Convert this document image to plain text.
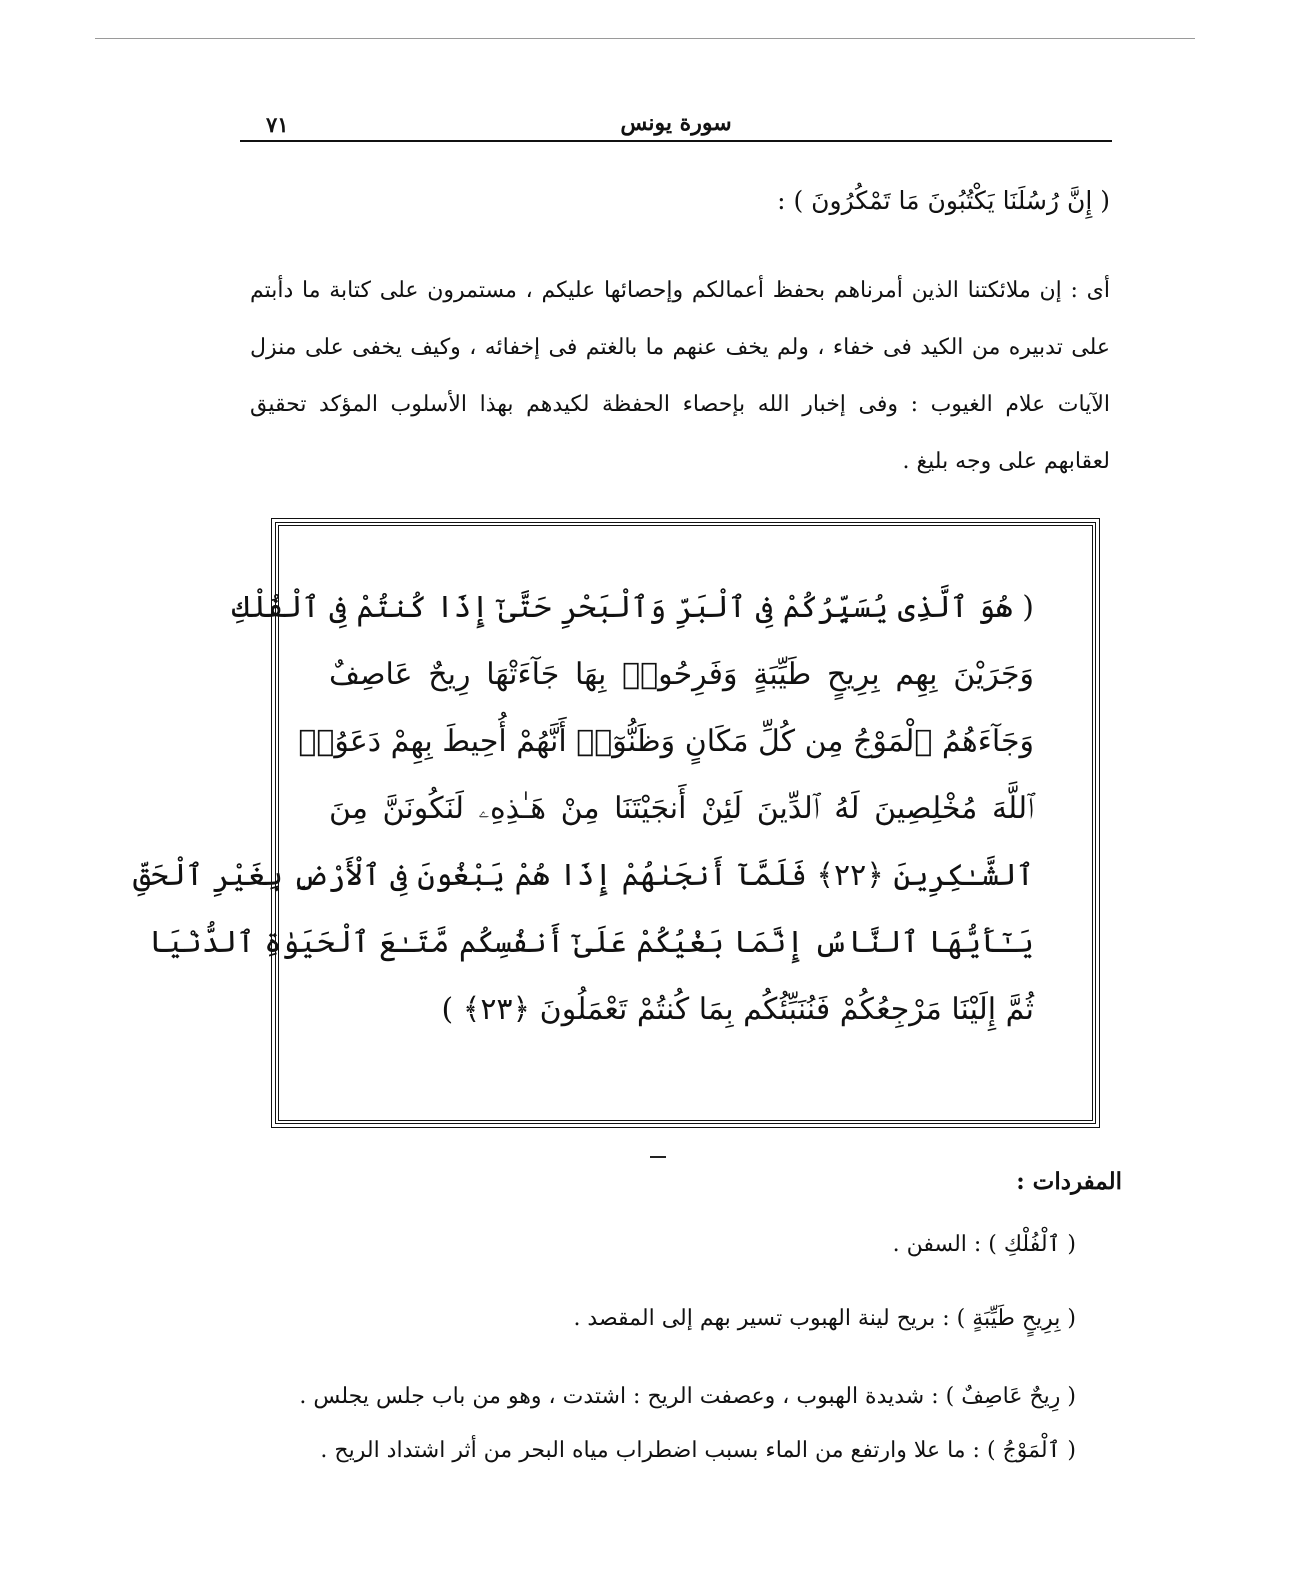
٧١	سورة يونس
( إِنَّ رُسُلَنَا يَكْتُبُونَ مَا تَمْكُرُونَ ) :
أى : إن ملائكتنا الذين أمرناهم بحفظ أعمالكم وإحصائها عليكم ، مستمرون على كتابة ما دأبتم على تدبيره من الكيد فى خفاء ، ولم يخف عنهم ما بالغتم فى إخفائه ، وكيف يخفى على منزل الآيات علام الغيوب : وفى إخبار الله بإحصاء الحفظة لكيدهم بهذا الأسلوب المؤكد تحقيق لعقابهم على وجه بليغ .
( هُوَ ٱلَّذِى يُسَيِّرُكُمْ فِى ٱلْبَرِّ وَٱلْبَحْرِ حَتَّىٰٓ إِذَا كُنتُمْ فِى ٱلْفُلْكِ
وَجَرَيْنَ بِهِم بِرِيحٍ طَيِّبَةٍ وَفَرِحُوا۟ بِهَا جَآءَتْهَا رِيحٌ عَاصِفٌ
وَجَآءَهُمُ ٱلْمَوْجُ مِن كُلِّ مَكَانٍ وَظَنُّوٓا۟ أَنَّهُمْ أُحِيطَ بِهِمْ دَعَوُا۟
ٱللَّهَ مُخْلِصِينَ لَهُ ٱلدِّينَ لَئِنْ أَنجَيْتَنَا مِنْ هَـٰذِهِۦ لَنَكُونَنَّ مِنَ
ٱلشَّـٰكِرِينَ ﴿٢٢﴾ فَلَمَّآ أَنجَىٰهُمْ إِذَا هُمْ يَبْغُونَ فِى ٱلْأَرْضِ بِغَيْرِ ٱلْحَقِّ
يَـٰٓأَيُّهَا ٱلنَّاسُ إِنَّمَا بَغْيُكُمْ عَلَىٰٓ أَنفُسِكُم مَّتَـٰعَ ٱلْحَيَوٰةِ ٱلدُّنْيَا
ثُمَّ إِلَيْنَا مَرْجِعُكُمْ فَنُنَبِّئُكُم بِمَا كُنتُمْ تَعْمَلُونَ ﴿٢٣﴾ )
المفردات :
( ٱلْفُلْكِ ) : السفن .
( بِرِيحٍ طَيِّبَةٍ ) : بريح لينة الهبوب تسير بهم إلى المقصد .
( رِيحٌ عَاصِفٌ ) : شديدة الهبوب ، وعصفت الريح : اشتدت ، وهو من باب جلس يجلس .
( ٱلْمَوْجُ ) : ما علا وارتفع من الماء بسبب اضطراب مياه البحر من أثر اشتداد الريح .
